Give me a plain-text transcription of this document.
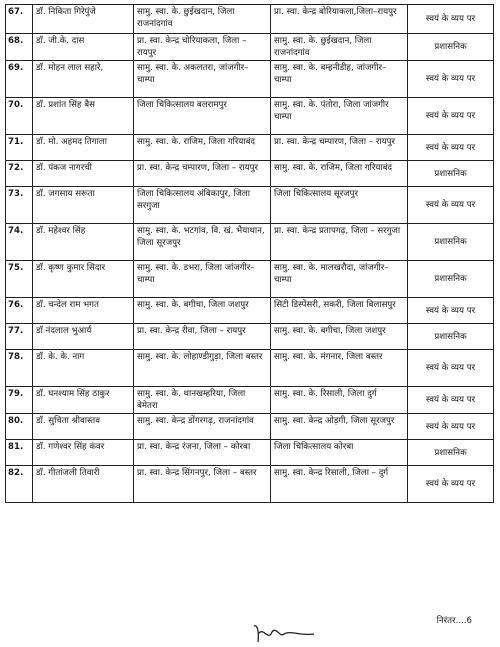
67.	डॉ. निकिता गिरेपुंजे	सामु. स्वा. के. छुईखदान, जिला राजनांदगांव	प्रा. स्वा. केन्द्र बोरियाकला,जिला–रायपुर	स्वयं के व्यय पर
68.	डॉ. जी.के. दास	प्रा. स्वा. केन्द्र चोरियाकला, जिला – रायपुर	सामु. स्वा. के. छुईखदान, जिला राजनांदगांव	प्रशासनिक
69.	डॉ. मोहन लाल सहारे,	सामु. स्वा. के. अकलतरा, जांजगीर– चाम्पा	सामु. स्वा. के. बम्हनीडीह, जांजगीर– चाम्पा	स्वयं के व्यय पर
70.	डॉ. प्रशांत सिंह बैस	जिला चिकित्सालय बलरामपुर	सामु. स्वा. के. पंतोरा, जिला जांजगीर चाम्पा	स्वयं के व्यय पर
71.	डॉ. मो. अहमद तिगाला	सामु. स्वा. के. राजिम, जिला गरियाबंद	प्रा. स्वा. केन्द्र चम्पारण, जिला – रायपुर	स्वयं के व्यय पर
72.	डॉ. पंकज नागरची	प्रा. स्वा. केन्द्र चम्पारण, जिला – रायपुर	सामु. स्वा. के. राजिम, जिला गरियाबंद	प्रशासनिक
73.	डॉ. जगसाय सरूता	जिला चिकित्सालय अंबिकापुर, जिला सरगुजा	जिला चिकित्सालय सूरजपुर	स्वयं के व्यय पर
74.	डॉ. महेश्वर सिंह	सामु. स्वा. के. भटगांव, वि. खं. भैयाथान, जिला सूरजपुर	प्रा. स्वा. केन्द्र प्रतापगढ़, जिला – सरगुजा	प्रशासनिक
75.	डॉ. कृष्ण कुमार सिदार	सामु. स्वा. के. डभरा, जिला जांजगीर–चाम्पा	सामु. स्वा. के. मालखरौदा, जांजगीर–चाम्पा	प्रशासनिक
76.	डॉ. चन्देल राम भगत	सामु. स्वा. के. बगीचा, जिला जशपुर	सिटी डिस्पेंसरी, सकरी, जिला बिलासपुर	स्वयं के व्यय पर
77.	डॉ नंदलाल भुआर्य	प्रा. स्वा. केन्द्र रीवा, जिला – रायपुर	सामु. स्वा. के. बगीचा, जिला जशपुर	प्रशासनिक
78.	डॉ. के. के. नाग	सामु. स्वा. के. लोहाण्डीगुड़ा, जिला बस्तर	सामु. स्वा. के. मंगनार, जिला बस्तर	स्वयं के व्यय पर
79.	डॉ. घनश्याम सिंह ठाकुर	सामु. स्वा. के. थानखम्हरिया, जिला बेमेतरा	सामु. स्वा. के. रिसाली, जिला दुर्ग	स्वयं के व्यय पर
80.	डॉ. सुचिता श्रीवास्तव	सामु. स्वा. केन्द्र डोंगरगढ़, राजनांदगांव	सामु. स्वा. केन्द्र ओड़गी, जिला सूरजपुर	स्वयं के व्यय पर
81.	डॉ. गणेश्वर सिंह कंवर	प्रा. स्वा. केन्द्र रंजना, जिला – कोरबा	जिला चिकित्सालय कोरबा	प्रशासनिक
82.	डॉ. गीतांजली तिवारी	प्रा. स्वा. केन्द्र सिंगनपुर, जिला – बस्तर	सामु. स्वा. केन्द्र रिसाली, जिला – दुर्ग	स्वयं के व्यय पर
निरंतर....6
